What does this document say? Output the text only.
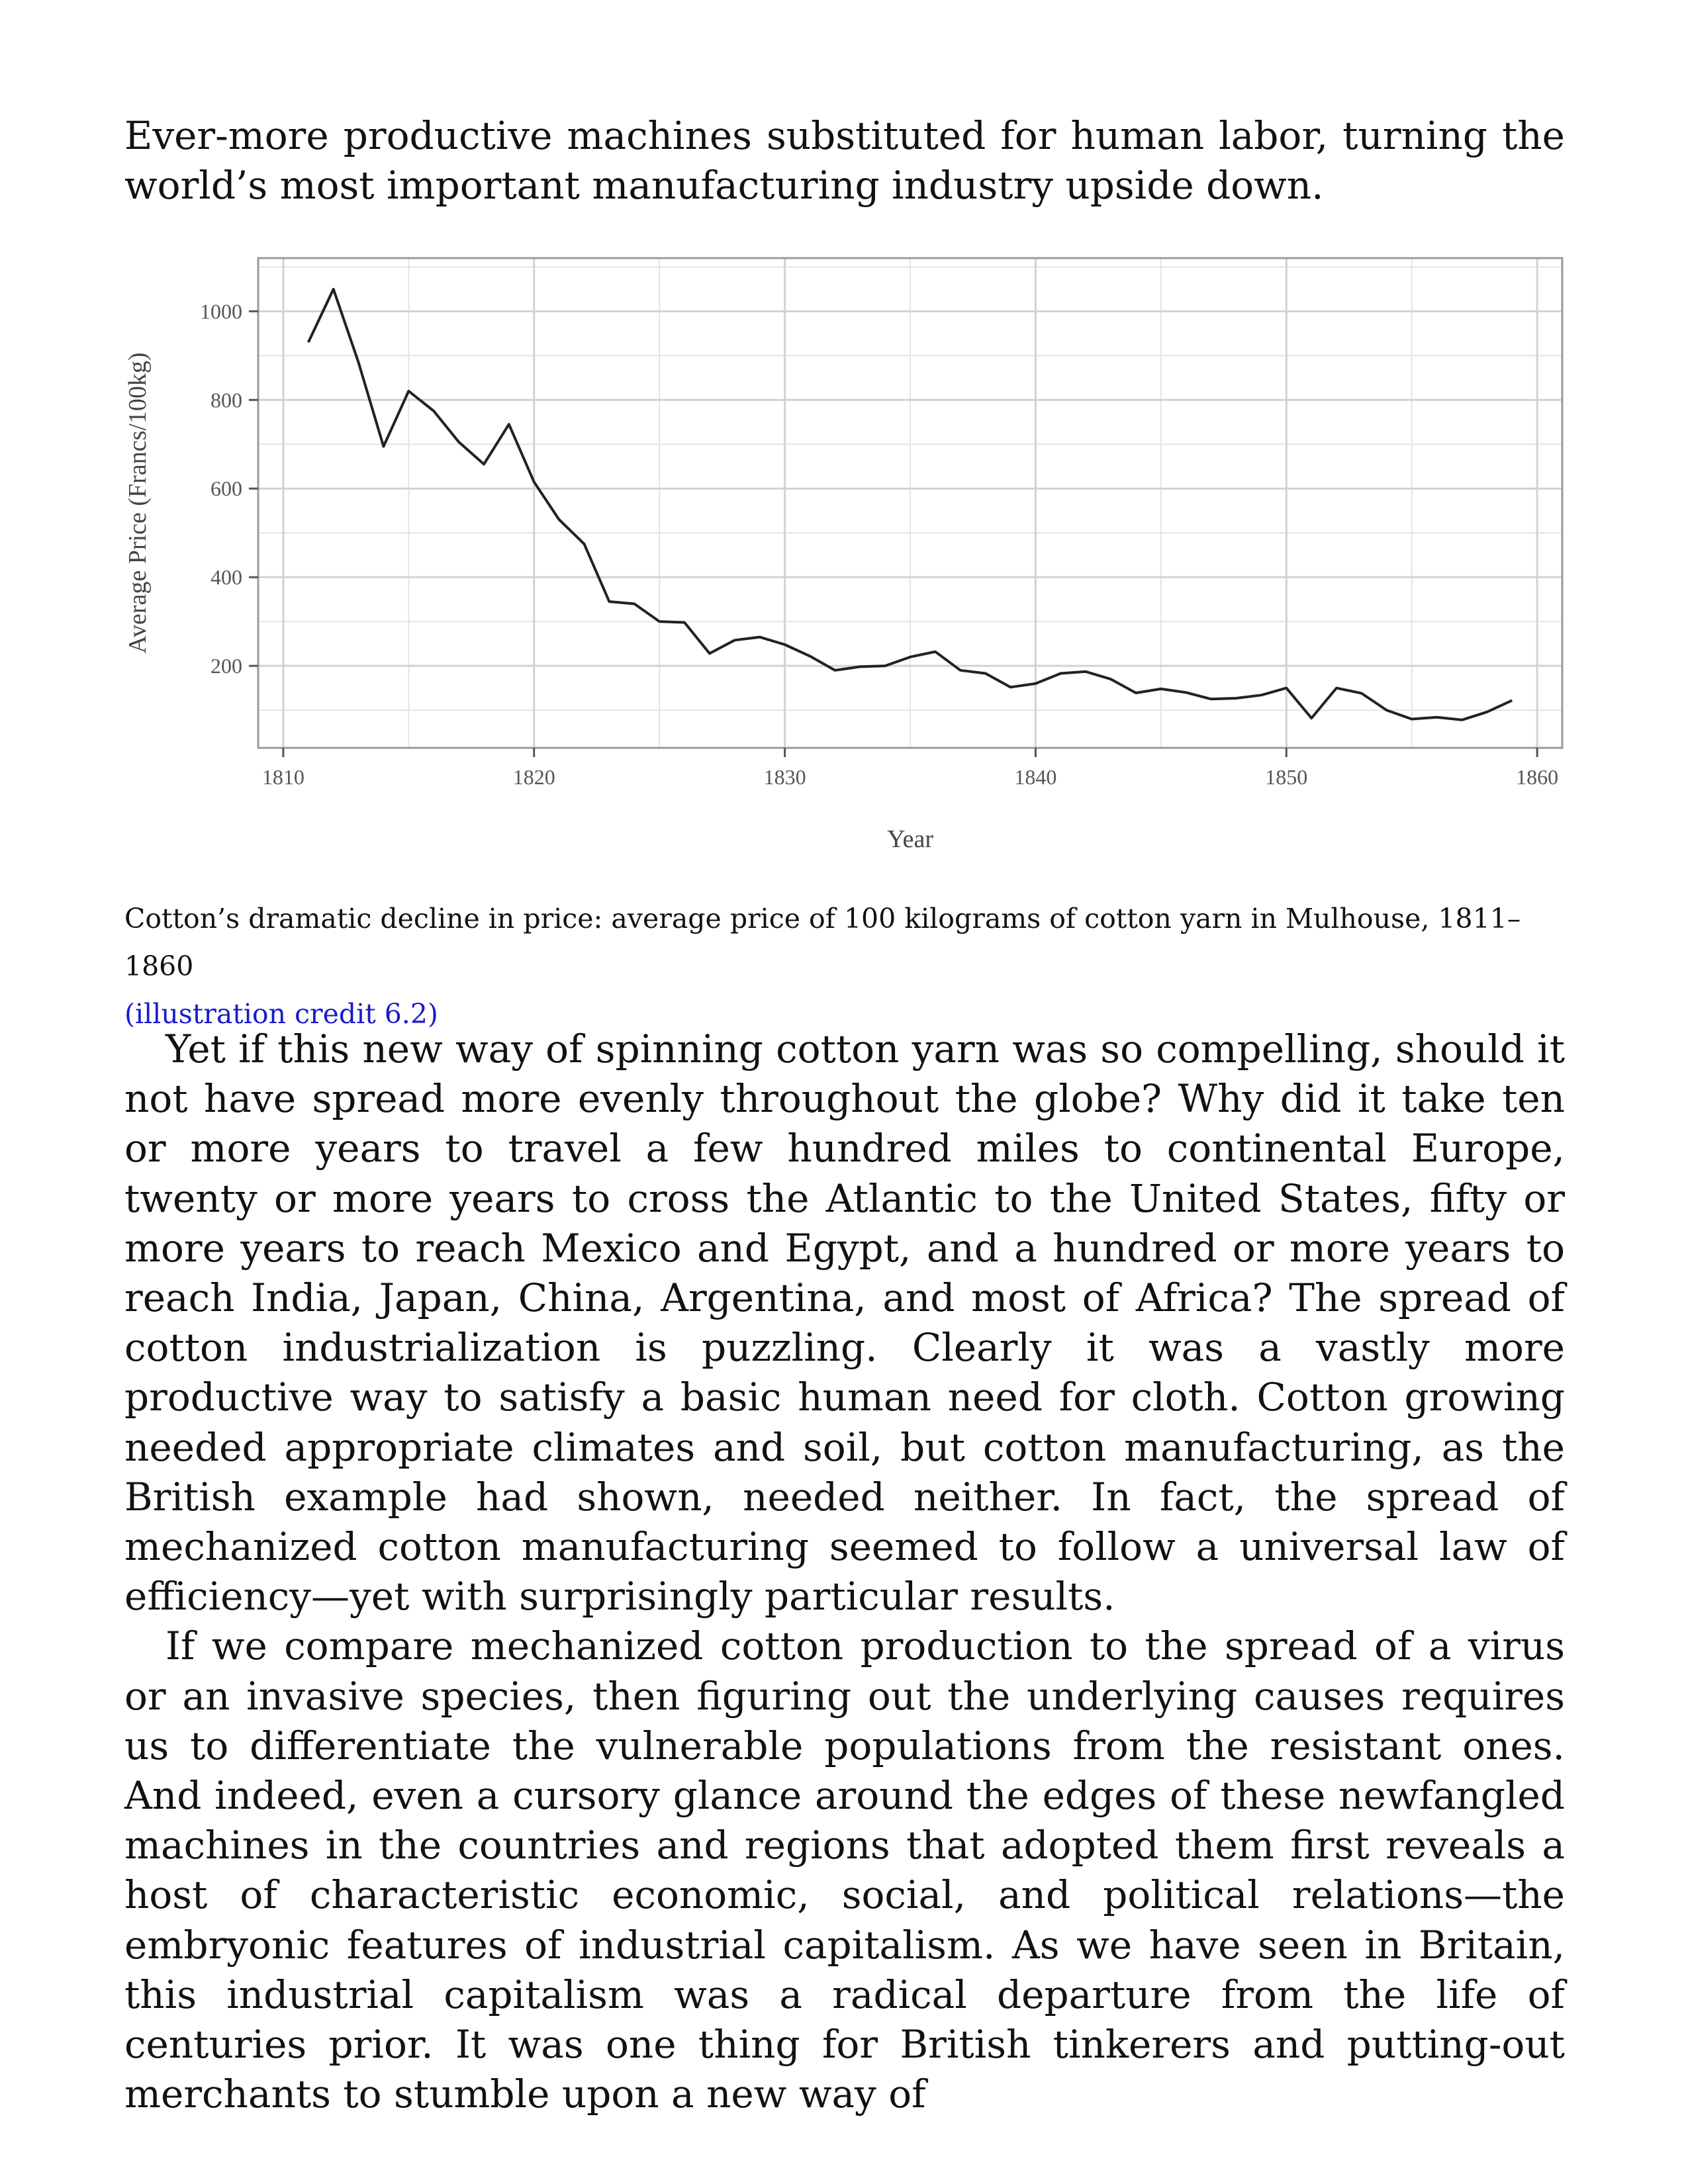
Ever-more productive machines substituted for human labor, turning the world’s most important manufacturing industry upside down.
1810	1820	1830	1840	1850	1860
200
400
600
800
1000
Year
Average Price (Francs/100kg)
Cotton’s dramatic decline in price: average price of 100 kilograms of cotton yarn in Mulhouse, 1811–1860
(illustration credit 6.2)

Yet if this new way of spinning cotton yarn was so compelling, should it not have spread more evenly throughout the globe? Why did it take ten or more years to travel a few hundred miles to continental Europe, twenty or more years to cross the Atlantic to the United States, fifty or more years to reach Mexico and Egypt, and a hundred or more years to reach India, Japan, China, Argentina, and most of Africa? The spread of cotton industrialization is puzzling. Clearly it was a vastly more productive way to satisfy a basic human need for cloth. Cotton growing needed appropriate climates and soil, but cotton manufacturing, as the British example had shown, needed neither. In fact, the spread of mechanized cotton manufacturing seemed to follow a universal law of efficiency—yet with surprisingly particular results.

If we compare mechanized cotton production to the spread of a virus or an invasive species, then figuring out the underlying causes requires us to differentiate the vulnerable populations from the resistant ones. And indeed, even a cursory glance around the edges of these newfangled machines in the countries and regions that adopted them first reveals a host of characteristic economic, social, and political relations—the embryonic features of industrial capitalism. As we have seen in Britain, this industrial capitalism was a radical departure from the life of centuries prior. It was one thing for British tinkerers and putting-out merchants to stumble upon a new way of
